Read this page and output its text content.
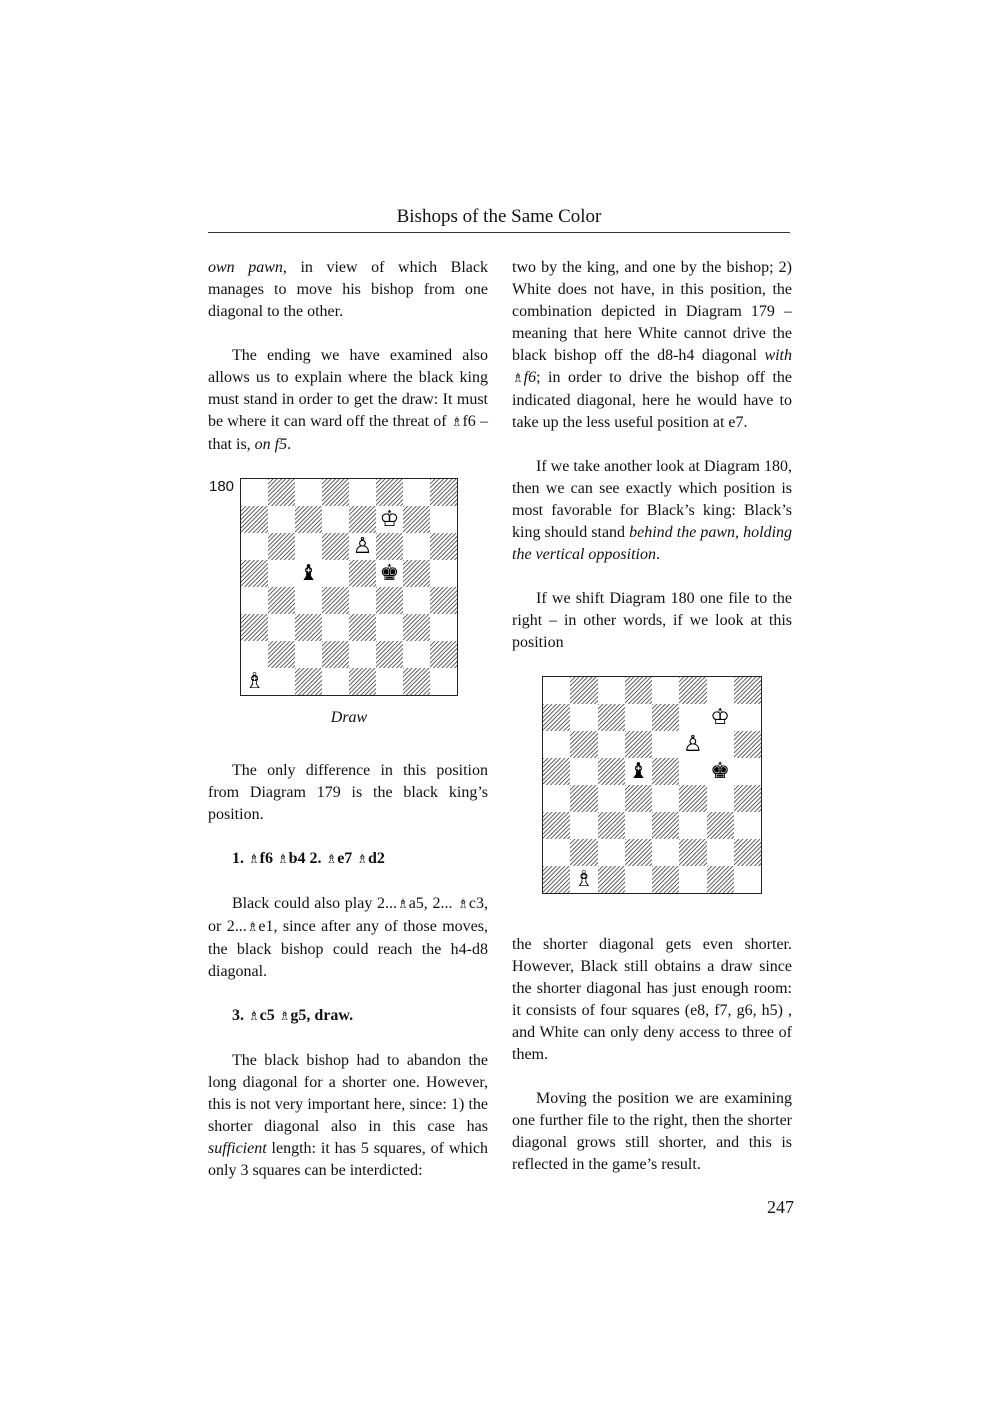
Bishops of the Same Color

own pawn, in view of which Black manages to move his bishop from one diagonal to the other.

The ending we have examined also allows us to explain where the black king must stand in order to get the draw: It must be where it can ward off the threat of ♗f6 – that is, on f5.

180
♔
♙
♝	♚
♗
Draw

The only difference in this position from Diagram 179 is the black king’s position.

1. ♗f6 ♗b4 2. ♗e7 ♗d2

Black could also play 2...♗a5, 2... ♗c3, or 2...♗e1, since after any of those moves, the black bishop could reach the h4-d8 diagonal.

3. ♗c5 ♗g5, draw.

The black bishop had to abandon the long diagonal for a shorter one. However, this is not very important here, since: 1) the shorter diagonal also in this case has sufficient length: it has 5 squares, of which only 3 squares can be interdicted:

two by the king, and one by the bishop; 2) White does not have, in this position, the combination depicted in Diagram 179 – meaning that here White cannot drive the black bishop off the d8-h4 diagonal with ♗f6; in order to drive the bishop off the indicated diagonal, here he would have to take up the less useful position at e7.

If we take another look at Diagram 180, then we can see exactly which position is most favorable for Black’s king: Black’s king should stand behind the pawn, holding the vertical opposition.

If we shift Diagram 180 one file to the right – in other words, if we look at this position

♔
♙
♝	♚
♗

the shorter diagonal gets even shorter. However, Black still obtains a draw since the shorter diagonal has just enough room: it consists of four squares (e8, f7, g6, h5) , and White can only deny access to three of them.

Moving the position we are examining one further file to the right, then the shorter diagonal grows still shorter, and this is reflected in the game’s result.

247
